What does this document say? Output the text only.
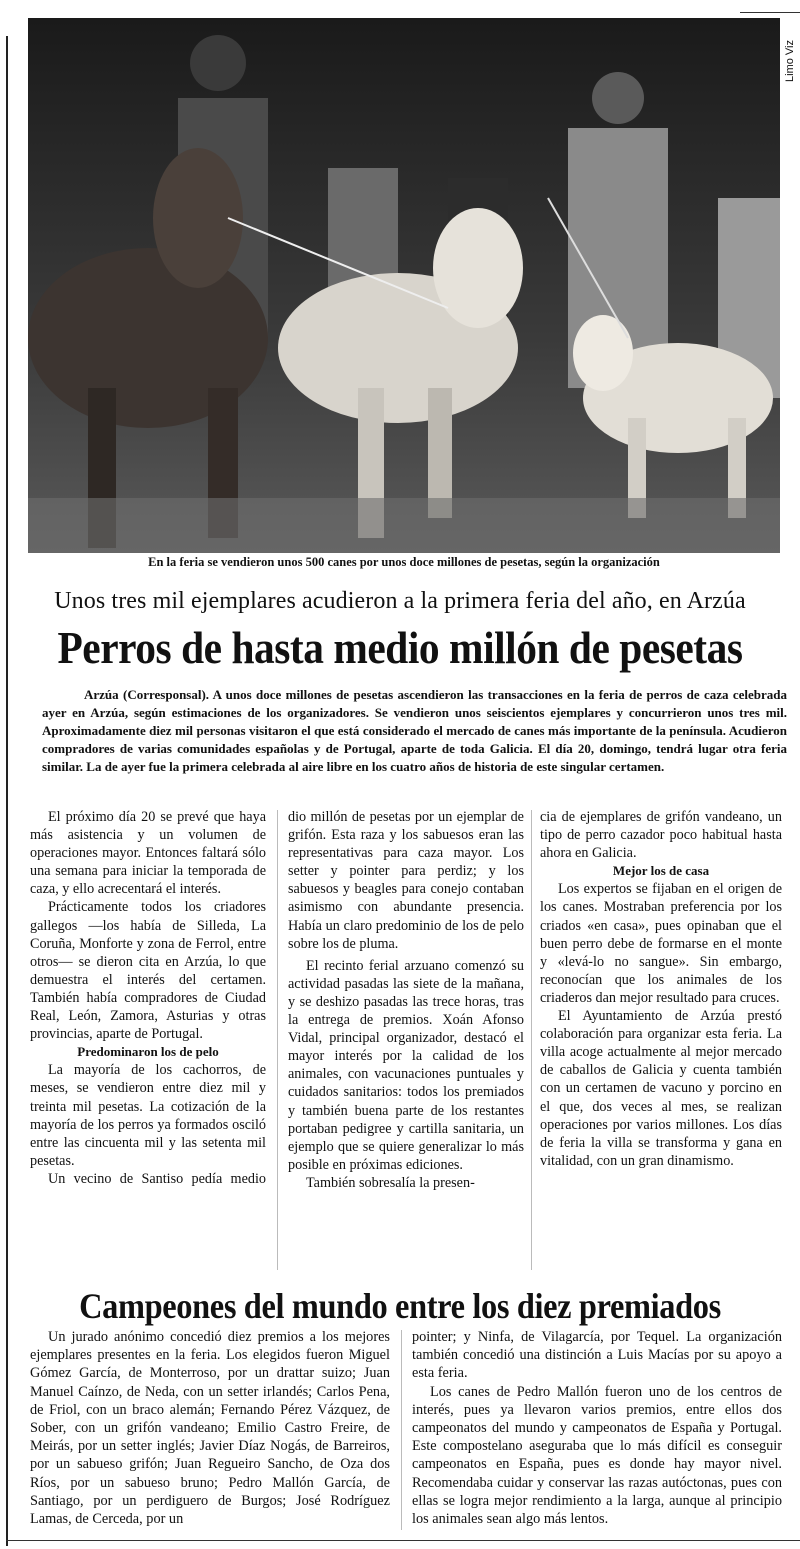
Limo Viz
En la feria se vendieron unos 500 canes por unos doce millones de pesetas, según la organización
Unos tres mil ejemplares acudieron a la primera feria del año, en Arzúa
Perros de hasta medio millón de pesetas
Arzúa (Corresponsal). A unos doce millones de pesetas ascendieron las transacciones en la feria de perros de caza celebrada ayer en Arzúa, según estimaciones de los organizadores. Se vendieron unos seiscientos ejemplares y concurrieron unos tres mil. Aproximadamente diez mil personas visitaron el que está considerado el mercado de canes más importante de la península. Acudieron compradores de varias comunidades españolas y de Portugal, aparte de toda Galicia. El día 20, domingo, tendrá lugar otra feria similar. La de ayer fue la primera celebrada al aire libre en los cuatro años de historia de este singular certamen.

El próximo día 20 se prevé que haya más asistencia y un volumen de operaciones mayor. Entonces faltará sólo una semana para iniciar la temporada de caza, y ello acrecentará el interés.

Prácticamente todos los criadores gallegos —los había de Silleda, La Coruña, Monforte y zona de Ferrol, entre otros— se dieron cita en Arzúa, lo que demuestra el interés del certamen. También había compradores de Ciudad Real, León, Zamora, Asturias y otras provincias, aparte de Portugal.

Predominaron los de pelo

La mayoría de los cachorros, de meses, se vendieron entre diez mil y treinta mil pesetas. La cotización de la mayoría de los perros ya formados osciló entre las cincuenta mil y las setenta mil pesetas.

Un vecino de Santiso pedía medio

dio millón de pesetas por un ejemplar de grifón. Esta raza y los sabuesos eran las representativas para caza mayor. Los setter y pointer para perdiz; y los sabuesos y beagles para conejo contaban asimismo con abundante presencia. Había un claro predominio de los de pelo sobre los de pluma.

El recinto ferial arzuano comenzó su actividad pasadas las siete de la mañana, y se deshizo pasadas las trece horas, tras la entrega de premios. Xoán Afonso Vidal, principal organizador, destacó el mayor interés por la calidad de los animales, con vacunaciones puntuales y cuidados sanitarios: todos los premiados y también buena parte de los restantes portaban pedigree y cartilla sanitaria, un ejemplo que se quiere generalizar lo más posible en próximas ediciones.

También sobresalía la presen-

cia de ejemplares de grifón vandeano, un tipo de perro cazador poco habitual hasta ahora en Galicia.

Mejor los de casa

Los expertos se fijaban en el origen de los canes. Mostraban preferencia por los criados «en casa», pues opinaban que el buen perro debe de formarse en el monte y «levá-lo no sangue». Sin embargo, reconocían que los animales de los criaderos dan mejor resultado para cruces.

El Ayuntamiento de Arzúa prestó colaboración para organizar esta feria. La villa acoge actualmente al mejor mercado de caballos de Galicia y cuenta también con un certamen de vacuno y porcino en el que, dos veces al mes, se realizan operaciones por varios millones. Los días de feria la villa se transforma y gana en vitalidad, con un gran dinamismo.

Campeones del mundo entre los diez premiados

Un jurado anónimo concedió diez premios a los mejores ejemplares presentes en la feria. Los elegidos fueron Miguel Gómez García, de Monterroso, por un drattar suizo; Juan Manuel Caínzo, de Neda, con un setter irlandés; Carlos Pena, de Friol, con un braco alemán; Fernando Pérez Vázquez, de Sober, con un grifón vandeano; Emilio Castro Freire, de Meirás, por un setter inglés; Javier Díaz Nogás, de Barreiros, por un sabueso grifón; Juan Regueiro Sancho, de Oza dos Ríos, por un sabueso bruno; Pedro Mallón García, de Santiago, por un perdiguero de Burgos; José Rodríguez Lamas, de Cerceda, por un

pointer; y Ninfa, de Vilagarcía, por Tequel. La organización también concedió una distinción a Luis Macías por su apoyo a esta feria.

Los canes de Pedro Mallón fueron uno de los centros de interés, pues ya llevaron varios premios, entre ellos dos campeonatos del mundo y campeonatos de España y Portugal. Este compostelano aseguraba que lo más difícil es conseguir campeonatos en España, pues es donde hay mayor nivel. Recomendaba cuidar y conservar las razas autóctonas, pues con ellas se logra mejor rendimiento a la larga, aunque al principio los animales sean algo más lentos.
